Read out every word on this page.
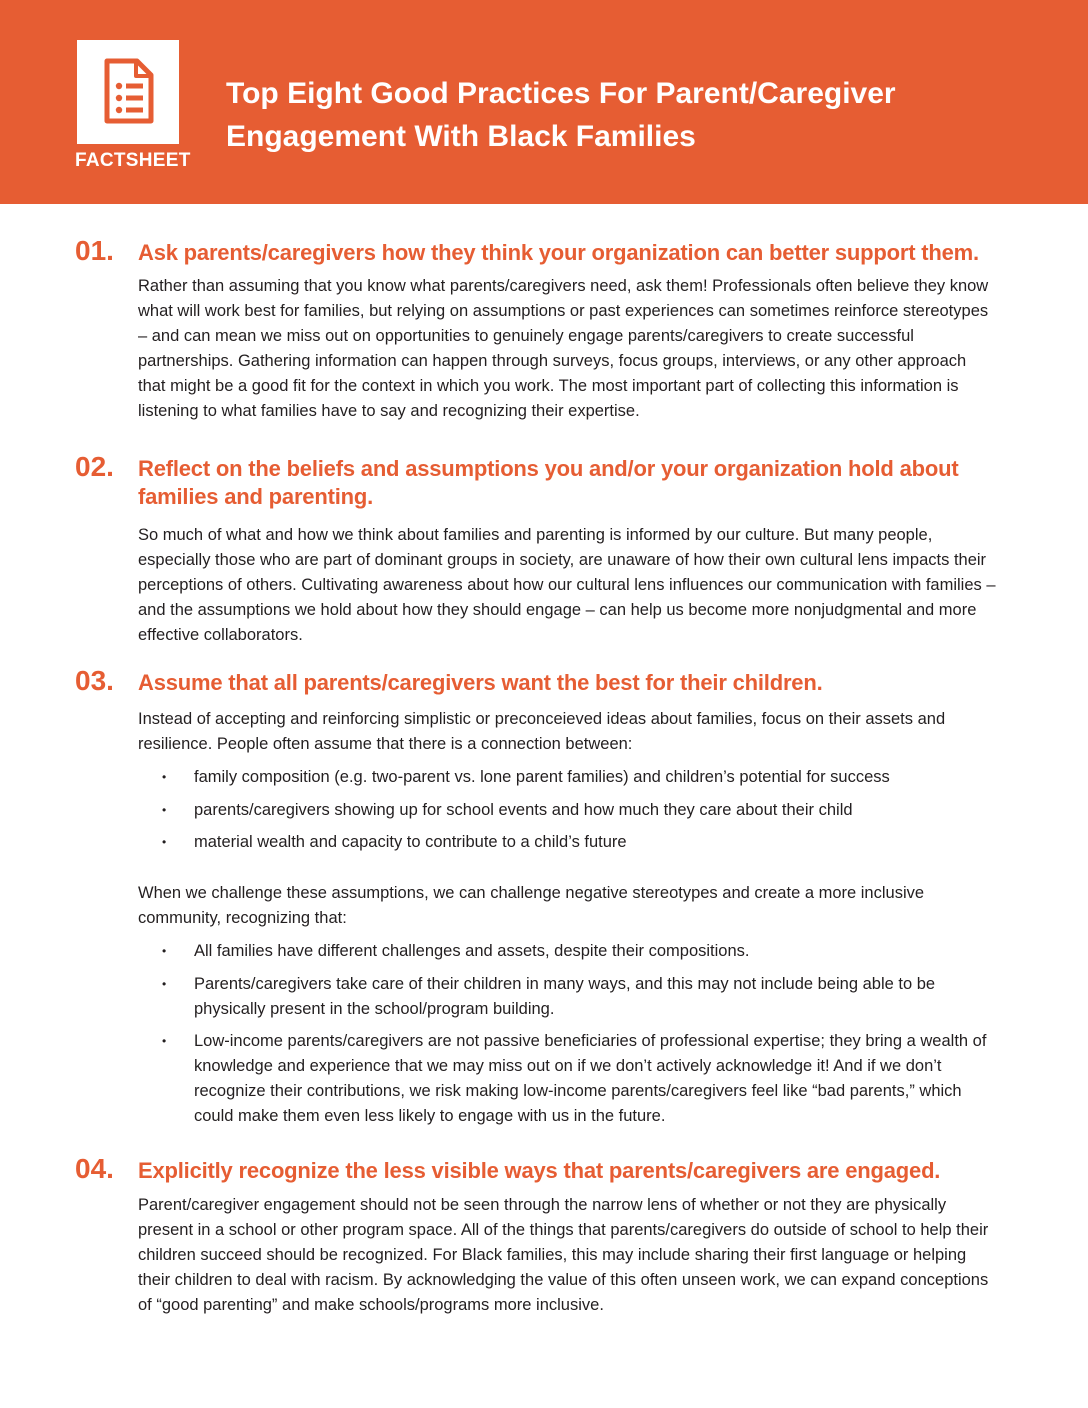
FACTSHEET
Top Eight Good Practices For Parent/Caregiver Engagement With Black Families
01. Ask parents/caregivers how they think your organization can better support them.

Rather than assuming that you know what parents/caregivers need, ask them! Professionals often believe they know what will work best for families, but relying on assumptions or past experiences can sometimes reinforce stereotypes – and can mean we miss out on opportunities to genuinely engage parents/caregivers to create successful partnerships. Gathering information can happen through surveys, focus groups, interviews, or any other approach that might be a good fit for the context in which you work. The most important part of collecting this information is listening to what families have to say and recognizing their expertise.

02. Reflect on the beliefs and assumptions you and/or your organization hold about families and parenting.

So much of what and how we think about families and parenting is informed by our culture. But many people, especially those who are part of dominant groups in society, are unaware of how their own cultural lens impacts their perceptions of others. Cultivating awareness about how our cultural lens influences our communication with families – and the assumptions we hold about how they should engage – can help us become more nonjudgmental and more effective collaborators.

03. Assume that all parents/caregivers want the best for their children.

Instead of accepting and reinforcing simplistic or preconceieved ideas about families, focus on their assets and resilience. People often assume that there is a connection between:

• family composition (e.g. two-parent vs. lone parent families) and children’s potential for success
• parents/caregivers showing up for school events and how much they care about their child
• material wealth and capacity to contribute to a child’s future

When we challenge these assumptions, we can challenge negative stereotypes and create a more inclusive community, recognizing that:

• All families have different challenges and assets, despite their compositions.
• Parents/caregivers take care of their children in many ways, and this may not include being able to be physically present in the school/program building.
• Low-income parents/caregivers are not passive beneficiaries of professional expertise; they bring a wealth of knowledge and experience that we may miss out on if we don’t actively acknowledge it! And if we don’t recognize their contributions, we risk making low-income parents/caregivers feel like “bad parents,” which could make them even less likely to engage with us in the future.
04. Explicitly recognize the less visible ways that parents/caregivers are engaged.

Parent/caregiver engagement should not be seen through the narrow lens of whether or not they are physically present in a school or other program space. All of the things that parents/caregivers do outside of school to help their children succeed should be recognized. For Black families, this may include sharing their first language or helping their children to deal with racism. By acknowledging the value of this often unseen work, we can expand conceptions of “good parenting” and make schools/programs more inclusive.
